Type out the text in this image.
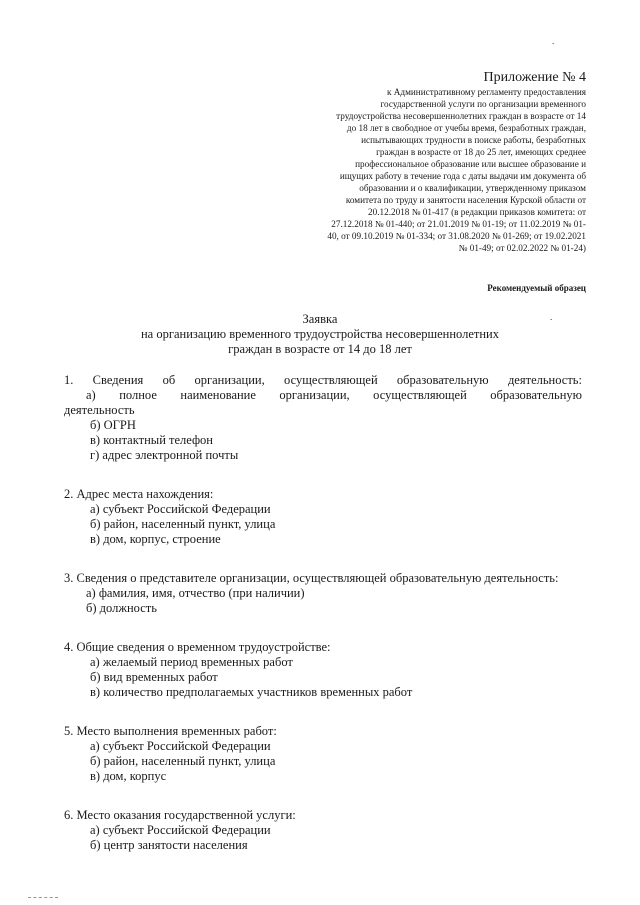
.
Приложение № 4
к Административному регламенту предоставления
государственной услуги по организации временного
трудоустройства несовершеннолетних граждан в возрасте от 14
до 18 лет в свободное от учебы время, безработных граждан,
испытывающих трудности в поиске работы, безработных
граждан в возрасте от 18 до 25 лет, имеющих среднее
профессиональное образование или высшее образование и
ищущих работу в течение года с даты выдачи им документа об
образовании и о квалификации, утвержденному приказом
комитета по труду и занятости населения Курской области от
20.12.2018 № 01-417 (в редакции приказов комитета: от
27.12.2018 № 01-440; от 21.01.2019 № 01-19; от 11.02.2019 № 01-
40, от 09.10.2019 № 01-334; от 31.08.2020 № 01-269; от 19.02.2021
№ 01-49; от 02.02.2022 № 01-24)
Рекомендуемый образец
.
Заявка
на организацию временного трудоустройства несовершеннолетних
граждан в возрасте от 14 до 18 лет
1. Сведения об организации, осуществляющей образовательную деятельность:
а) полное наименование организации, осуществляющей образовательную
деятельность
б) ОГРН
в) контактный телефон
г) адрес электронной почты
2. Адрес места нахождения:
а) субъект Российской Федерации
б) район, населенный пункт, улица
в) дом, корпус, строение
3. Сведения о представителе организации, осуществляющей образовательную деятельность:
а) фамилия, имя, отчество (при наличии)
б) должность
4. Общие сведения о временном трудоустройстве:
а) желаемый период временных работ
б) вид временных работ
в) количество предполагаемых участников временных работ
5. Место выполнения временных работ:
а) субъект Российской Федерации
б) район, населенный пункт, улица
в) дом, корпус
6. Место оказания государственной услуги:
а) субъект Российской Федерации
б) центр занятости населения
